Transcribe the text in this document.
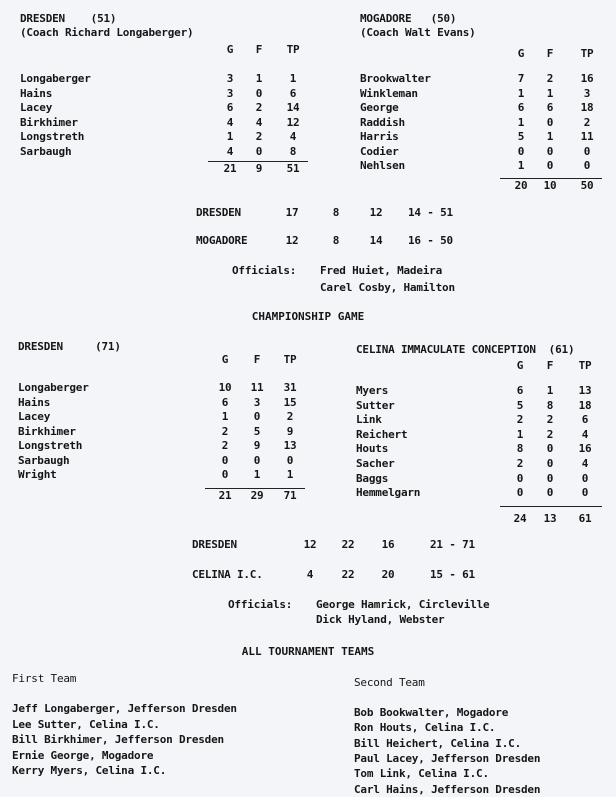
DRESDEN    (51)
(Coach Richard Longaberger)
MOGADORE   (50)
(Coach Walt Evans)
G	F	TP
Longaberger	3	1	1
Hains	3	0	6
Lacey	6	2	14
Birkhimer	4	4	12
Longstreth	1	2	4
Sarbaugh	4	0	8
21	9	51
G	F	TP
Brookwalter	7	2	16
Winkleman	1	1	3
George	6	6	18
Raddish	1	0	2
Harris	5	1	11
Codier	0	0	0
Nehlsen	1	0	0
20	10	50
DRESDEN	17	8	12	14 - 51
MOGADORE	12	8	14	16 - 50
Officials: Fred Huiet, Madeira
Carel Cosby, Hamilton
CHAMPIONSHIP GAME
DRESDEN     (71)	CELINA IMMACULATE CONCEPTION  (61)
G	F	TP
Longaberger	10	11	31
Hains	6	3	15
Lacey	1	0	2
Birkhimer	2	5	9
Longstreth	2	9	13
Sarbaugh	0	0	0
Wright	0	1	1
21	29	71
G	F	TP
Myers	6	1	13
Sutter	5	8	18
Link	2	2	6
Reichert	1	2	4
Houts	8	0	16
Sacher	2	0	4
Baggs	0	0	0
Hemmelgarn	0	0	0
24	13	61
DRESDEN	12	22	16	21 - 71
CELINA I.C.	4	22	20	15 - 61
Officials: George Hamrick, Circleville
Dick Hyland, Webster
ALL TOURNAMENT TEAMS
First Team	Second Team
Jeff Longaberger, Jefferson Dresden
Lee Sutter, Celina I.C.
Bill Birkhimer, Jefferson Dresden
Ernie George, Mogadore
Kerry Myers, Celina I.C.
Bob Bookwalter, Mogadore
Ron Houts, Celina I.C.
Bill Heichert, Celina I.C.
Paul Lacey, Jefferson Dresden
Tom Link, Celina I.C.
Carl Hains, Jefferson Dresden
